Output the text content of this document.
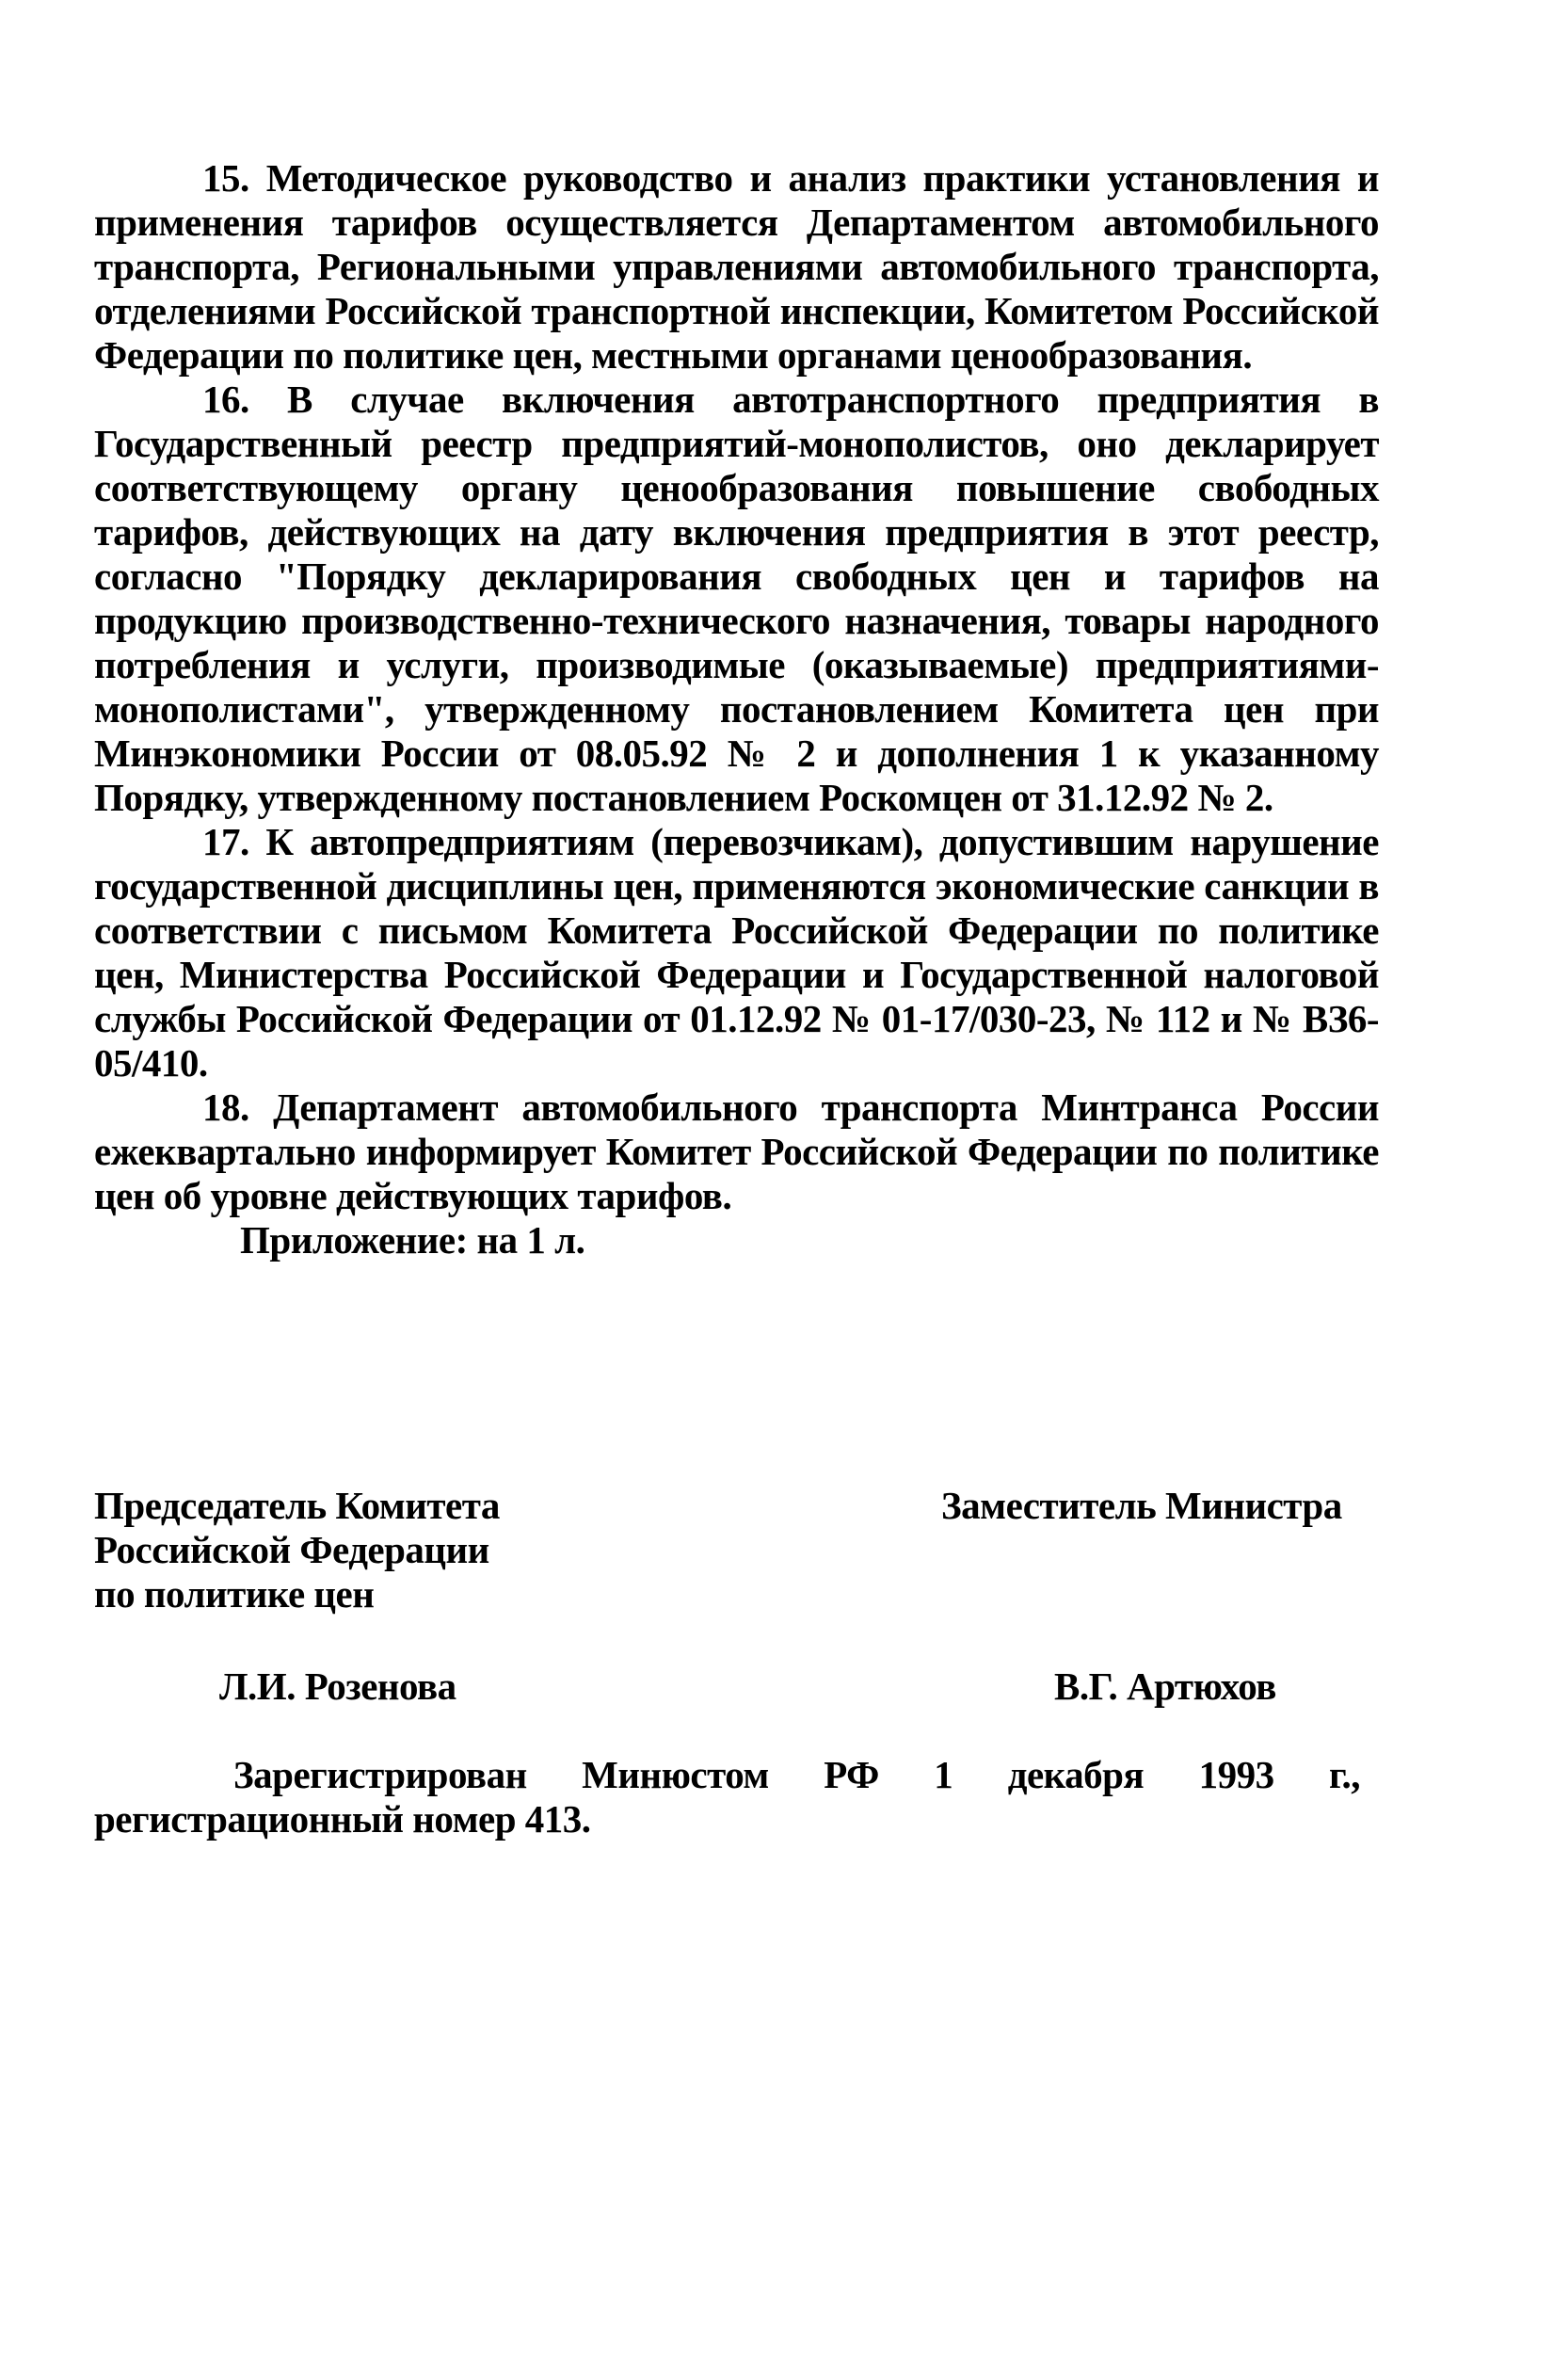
15. Методическое руководство и анализ практики установления и применения тарифов осуществляется Департаментом автомобильного транспорта, Региональными управлениями автомобильного транспорта, отделениями Российской транспортной инспекции, Комитетом Российской Федерации по политике цен, местными органами ценообразования.

16. В случае включения автотранспортного предприятия в Государственный реестр предприятий-монополистов, оно декларирует соответствующему органу ценообразования повышение свободных тарифов, действующих на дату включения предприятия в этот реестр, согласно "Порядку декларирования свободных цен и тарифов на продукцию производственно-технического назначения, товары народного потребления и услуги, производимые (оказываемые) предприятиями-монополистами", утвержденному постановлением Комитета цен при Минэкономики России от 08.05.92 № 2 и дополнения 1 к указанному Порядку, утвержденному постановлением Роскомцен от 31.12.92 № 2.

17. К автопредприятиям (перевозчикам), допустившим нарушение государственной дисциплины цен, применяются экономические санкции в соответствии с письмом Комитета Российской Федерации по политике цен, Министерства Российской Федерации и Государственной налоговой службы Российской Федерации от 01.12.92 № 01-17/030-23, № 112 и № ВЗ6-05/410.

18. Департамент автомобильного транспорта Минтранса России ежеквартально информирует Комитет Российской Федерации по политике цен об уровне действующих тарифов.

Приложение: на 1 л.

Председатель Комитета
Российской Федерации
по политике цен
Заместитель Министра
Л.И. Розенова	В.Г. Артюхов

Зарегистрирован Минюстом РФ 1 декабря 1993 г., регистрационный номер 413.
